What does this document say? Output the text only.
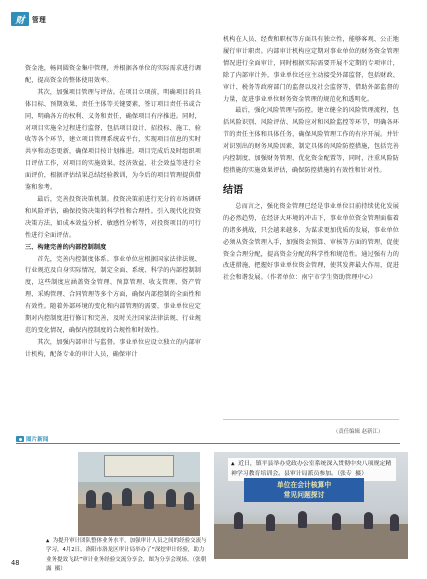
财	管理

资金池，畅问圆资金集中管理，并根据各单位的实际需求进行调配，提高资金的整体使用效率。

其次，加强项目管理与评估。在项目立项前，明确项目的具体目标、预期效果、责任主体等关键要素，签订项目责任书或合同，明确各方的权利、义务和责任，确保项目有序推进。同时，对项目实施全过程进行监督，包括项目设计、招投标、施工、验收等各个环节，建立项目管理系统或平台，实现项目信息的实时共享和动态更新，确保项目按计划推进。项目完成后及时组织项目评估工作，对项目的实施效果、经济效益、社会效益等进行全面评价，根据评估结果总结经验教训，为今后的项目管理提供借鉴和参考。

最后，完善投资决策机制。投资决策前进行充分的市场调研和风险评估，确保投资决策的科学性和合理性。引入现代化投资决策方法，如成本效益分析、敏感性分析等，对投资项目的可行性进行全面评估。

三、构建完善的内部控制制度

首先，完善内控制度体系。事业单位应根据国家法律法规、行业规范及自身实际情况，制定全面、系统、科学的内部控制制度，这些制度应涵盖资金管理、预算管理、收支管理、资产管理、采购管理、合同管理等多个方面，确保内部控制的全面性和有效性。随着外部环境的变化和内部管理的需要，事业单位应定期对内控制度进行修订和完善，及时关注国家法律法规、行业规范的变化情况，确保内控制度的合规性和时效性。

其次，加强内部审计与监督。事业单位应设立独立的内部审计机构，配备专业的审计人员，确保审计

机构在人员、经费和职权等方面具有独立性，能够客观、公正地履行审计职责。内部审计机构应定期对事业单位的财务资金管理情况进行全面审计，同时根据实际需要开展不定期的专项审计，除了内部审计外，事业单位还应主动接受外部监督，包括财政、审计、税务等政府部门的监督以及社会监督等，借助外部监督的力量，促进事业单位财务资金管理的规范化和透明化。

最后，强化风险管理与防控。建立健全的风险管理流程，包括风险识别、风险评估、风险应对和风险监控等环节，明确各环节的责任主体和具体任务，确保风险管理工作的有序开展。并针对识别出的财务风险因素，制定具体的风险防控措施，包括完善内控制度、加强财务管理、优化资金配置等，同时，注重风险防控措施的实施效果评估，确保防控措施的有效性和针对性。

结语

总而言之，强化资金管理已经是事业单位目前持续优化发展的必然趋势，在经济大环境的冲击下，事业单位资金管理面临着的诸多挑战，只会越来越多，为谋求更加优质的发展，事业单位必须从资金管理入手，加强资金预算、审核等方面的管理，促使资金合理分配，提高资金分配的科学性和规范性。通过强有力的改进措施，把握好事业单位资金管理，使其发挥最大作用，促进社会和谐发展。（作者单位：南宁市学生资助管理中心）

（责任编辑 赵新江）
图片新闻
▲ 为提升审计团队整体业务水平，加强审计人员之间的经验交流与学习，4月2日，洛阳市洛龙区审计局举办了“深挖审计经验，助力业务提效飞跃”审计业务经验交流分享会，图为分享会现场。（张朝露 摄）
▲ 近日，镇平县举办党政办公室系统深入贯彻中央八项规定精神学习教育培训会。县审计局派员参加。（张专 摄）
单位在会计核算中
常见问题探讨
48
